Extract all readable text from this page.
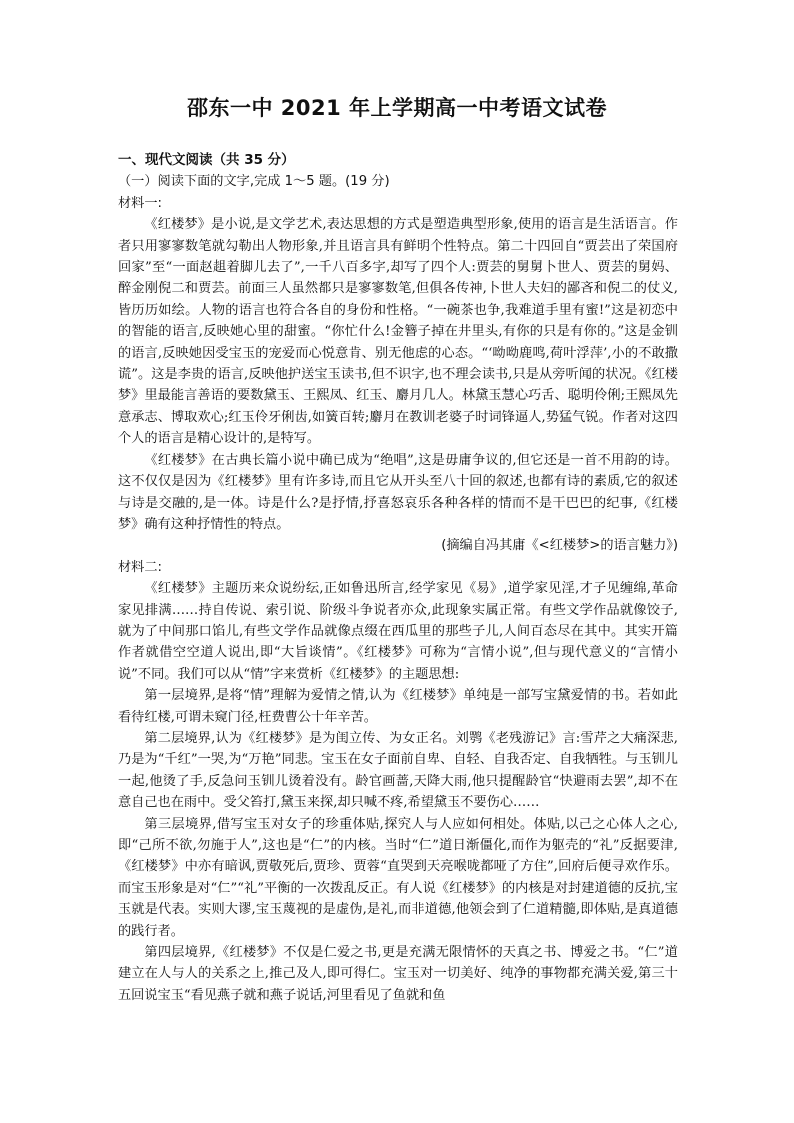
邵东一中 2021 年上学期高一中考语文试卷

一、现代文阅读（共 35 分）

（一）阅读下面的文字,完成 1～5 题。(19 分)

材料一:

《红楼梦》是小说,是文学艺术,表达思想的方式是塑造典型形象,使用的语言是生活语言。作者只用寥寥数笔就勾勒出人物形象,并且语言具有鲜明个性特点。第二十四回自“贾芸出了荣国府回家”至“一面赵趄着脚儿去了”,一千八百多字,却写了四个人:贾芸的舅舅卜世人、贾芸的舅妈、醉金刚倪二和贾芸。前面三人虽然都只是寥寥数笔,但俱各传神,卜世人夫妇的鄙吝和倪二的仗义,皆历历如绘。人物的语言也符合各自的身份和性格。“一碗茶也争,我难道手里有蜜!”这是初恋中的智能的语言,反映她心里的甜蜜。“你忙什么!金簪子掉在井里头,有你的只是有你的。”这是金钏的语言,反映她因受宝玉的宠爱而心悦意肯、别无他虑的心态。“‘呦呦鹿鸣,荷叶浮萍’,小的不敢撒谎”。这是李贵的语言,反映他护送宝玉读书,但不识字,也不理会读书,只是从旁听闻的状况。《红楼梦》里最能言善语的要数黛玉、王熙凤、红玉、麝月几人。林黛玉慧心巧舌、聪明伶俐;王熙凤先意承志、博取欢心;红玉伶牙俐齿,如簧百转;麝月在教训老婆子时词锋逼人,势猛气锐。作者对这四个人的语言是精心设计的,是特写。

《红楼梦》在古典长篇小说中确已成为“绝唱”,这是毋庸争议的,但它还是一首不用韵的诗。这不仅仅是因为《红楼梦》里有许多诗,而且它从开头至八十回的叙述,也都有诗的素质,它的叙述与诗是交融的,是一体。诗是什么?是抒情,抒喜怒哀乐各种各样的情而不是干巴巴的纪事,《红楼梦》确有这种抒情性的特点。

(摘编自冯其庸《<红楼梦>的语言魅力》)

材料二:

《红楼梦》主题历来众说纷纭,正如鲁迅所言,经学家见《易》,道学家见淫,才子见缠绵,革命家见排满……持自传说、索引说、阶级斗争说者亦众,此现象实属正常。有些文学作品就像饺子,就为了中间那口馅儿,有些文学作品就像点缀在西瓜里的那些子儿,人间百态尽在其中。其实开篇作者就借空空道人说出,即“大旨谈情”。《红楼梦》可称为“言情小说”,但与现代意义的“言情小说”不同。我们可以从“情”字来赏析《红楼梦》的主题思想:

第一层境界,是将“情”理解为爱情之情,认为《红楼梦》单纯是一部写宝黛爱情的书。若如此看待红楼,可谓未窥门径,枉费曹公十年辛苦。

第二层境界,认为《红楼梦》是为闺立传、为女正名。刘鹗《老残游记》言:雪芹之大痛深悲,乃是为“千红”一哭,为“万艳”同悲。宝玉在女子面前自卑、自轻、自我否定、自我牺牲。与玉钏儿一起,他烫了手,反急问玉钏儿烫着没有。龄官画蔷,天降大雨,他只提醒龄官“快避雨去罢”,却不在意自己也在雨中。受父笞打,黛玉来探,却只喊不疼,希望黛玉不要伤心……

第三层境界,借写宝玉对女子的珍重体贴,探究人与人应如何相处。体贴,以己之心体人之心,即“己所不欲,勿施于人”,这也是“仁”的内核。当时“仁”道日渐僵化,而作为躯壳的“礼”反据要津,《红楼梦》中亦有暗讽,贾敬死后,贾珍、贾蓉“直哭到天亮喉咙都哑了方住”,回府后便寻欢作乐。而宝玉形象是对“仁”“礼”平衡的一次拨乱反正。有人说《红楼梦》的内核是对封建道德的反抗,宝玉就是代表。实则大谬,宝玉蔑视的是虚伪,是礼,而非道德,他领会到了仁道精髓,即体贴,是真道德的践行者。

第四层境界,《红楼梦》不仅是仁爱之书,更是充满无限情怀的天真之书、博爱之书。“仁”道建立在人与人的关系之上,推己及人,即可得仁。宝玉对一切美好、纯净的事物都充满关爱,第三十五回说宝玉“看见燕子就和燕子说话,河里看见了鱼就和鱼
